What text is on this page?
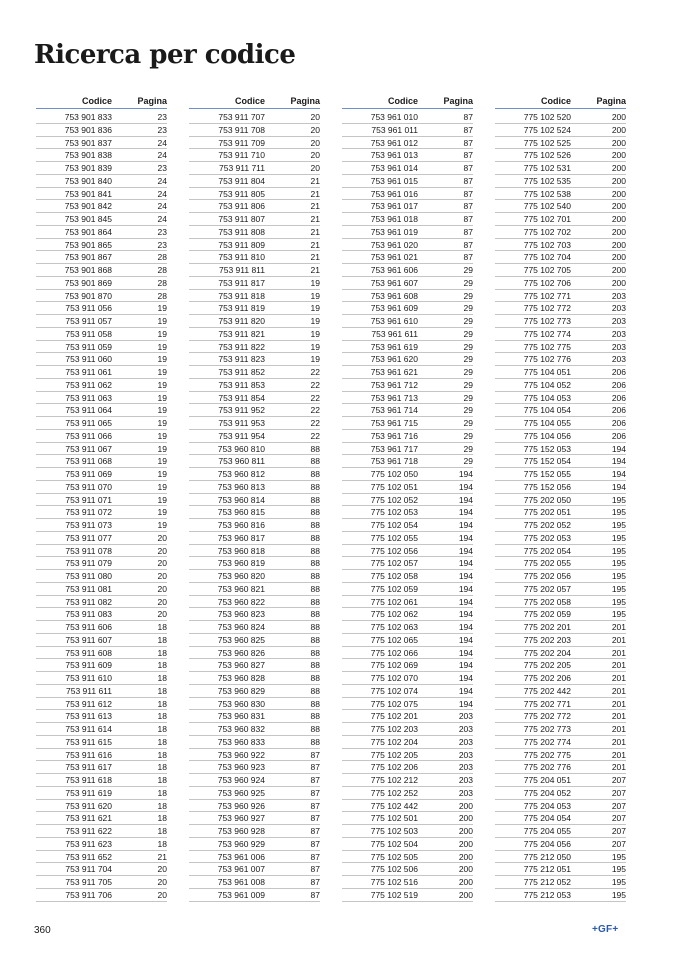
Ricerca per codice
Codice	Pagina
753 901 833	23
753 901 836	23
753 901 837	24
753 901 838	24
753 901 839	23
753 901 840	24
753 901 841	24
753 901 842	24
753 901 845	24
753 901 864	23
753 901 865	23
753 901 867	28
753 901 868	28
753 901 869	28
753 901 870	28
753 911 056	19
753 911 057	19
753 911 058	19
753 911 059	19
753 911 060	19
753 911 061	19
753 911 062	19
753 911 063	19
753 911 064	19
753 911 065	19
753 911 066	19
753 911 067	19
753 911 068	19
753 911 069	19
753 911 070	19
753 911 071	19
753 911 072	19
753 911 073	19
753 911 077	20
753 911 078	20
753 911 079	20
753 911 080	20
753 911 081	20
753 911 082	20
753 911 083	20
753 911 606	18
753 911 607	18
753 911 608	18
753 911 609	18
753 911 610	18
753 911 611	18
753 911 612	18
753 911 613	18
753 911 614	18
753 911 615	18
753 911 616	18
753 911 617	18
753 911 618	18
753 911 619	18
753 911 620	18
753 911 621	18
753 911 622	18
753 911 623	18
753 911 652	21
753 911 704	20
753 911 705	20
753 911 706	20
Codice	Pagina
753 911 707	20
753 911 708	20
753 911 709	20
753 911 710	20
753 911 711	20
753 911 804	21
753 911 805	21
753 911 806	21
753 911 807	21
753 911 808	21
753 911 809	21
753 911 810	21
753 911 811	21
753 911 817	19
753 911 818	19
753 911 819	19
753 911 820	19
753 911 821	19
753 911 822	19
753 911 823	19
753 911 852	22
753 911 853	22
753 911 854	22
753 911 952	22
753 911 953	22
753 911 954	22
753 960 810	88
753 960 811	88
753 960 812	88
753 960 813	88
753 960 814	88
753 960 815	88
753 960 816	88
753 960 817	88
753 960 818	88
753 960 819	88
753 960 820	88
753 960 821	88
753 960 822	88
753 960 823	88
753 960 824	88
753 960 825	88
753 960 826	88
753 960 827	88
753 960 828	88
753 960 829	88
753 960 830	88
753 960 831	88
753 960 832	88
753 960 833	88
753 960 922	87
753 960 923	87
753 960 924	87
753 960 925	87
753 960 926	87
753 960 927	87
753 960 928	87
753 960 929	87
753 961 006	87
753 961 007	87
753 961 008	87
753 961 009	87
Codice	Pagina
753 961 010	87
753 961 011	87
753 961 012	87
753 961 013	87
753 961 014	87
753 961 015	87
753 961 016	87
753 961 017	87
753 961 018	87
753 961 019	87
753 961 020	87
753 961 021	87
753 961 606	29
753 961 607	29
753 961 608	29
753 961 609	29
753 961 610	29
753 961 611	29
753 961 619	29
753 961 620	29
753 961 621	29
753 961 712	29
753 961 713	29
753 961 714	29
753 961 715	29
753 961 716	29
753 961 717	29
753 961 718	29
775 102 050	194
775 102 051	194
775 102 052	194
775 102 053	194
775 102 054	194
775 102 055	194
775 102 056	194
775 102 057	194
775 102 058	194
775 102 059	194
775 102 061	194
775 102 062	194
775 102 063	194
775 102 065	194
775 102 066	194
775 102 069	194
775 102 070	194
775 102 074	194
775 102 075	194
775 102 201	203
775 102 203	203
775 102 204	203
775 102 205	203
775 102 206	203
775 102 212	203
775 102 252	203
775 102 442	200
775 102 501	200
775 102 503	200
775 102 504	200
775 102 505	200
775 102 506	200
775 102 516	200
775 102 519	200
Codice	Pagina
775 102 520	200
775 102 524	200
775 102 525	200
775 102 526	200
775 102 531	200
775 102 535	200
775 102 538	200
775 102 540	200
775 102 701	200
775 102 702	200
775 102 703	200
775 102 704	200
775 102 705	200
775 102 706	200
775 102 771	203
775 102 772	203
775 102 773	203
775 102 774	203
775 102 775	203
775 102 776	203
775 104 051	206
775 104 052	206
775 104 053	206
775 104 054	206
775 104 055	206
775 104 056	206
775 152 053	194
775 152 054	194
775 152 055	194
775 152 056	194
775 202 050	195
775 202 051	195
775 202 052	195
775 202 053	195
775 202 054	195
775 202 055	195
775 202 056	195
775 202 057	195
775 202 058	195
775 202 059	195
775 202 201	201
775 202 203	201
775 202 204	201
775 202 205	201
775 202 206	201
775 202 442	201
775 202 771	201
775 202 772	201
775 202 773	201
775 202 774	201
775 202 775	201
775 202 776	201
775 204 051	207
775 204 052	207
775 204 053	207
775 204 054	207
775 204 055	207
775 204 056	207
775 212 050	195
775 212 051	195
775 212 052	195
775 212 053	195
360	+GF+
